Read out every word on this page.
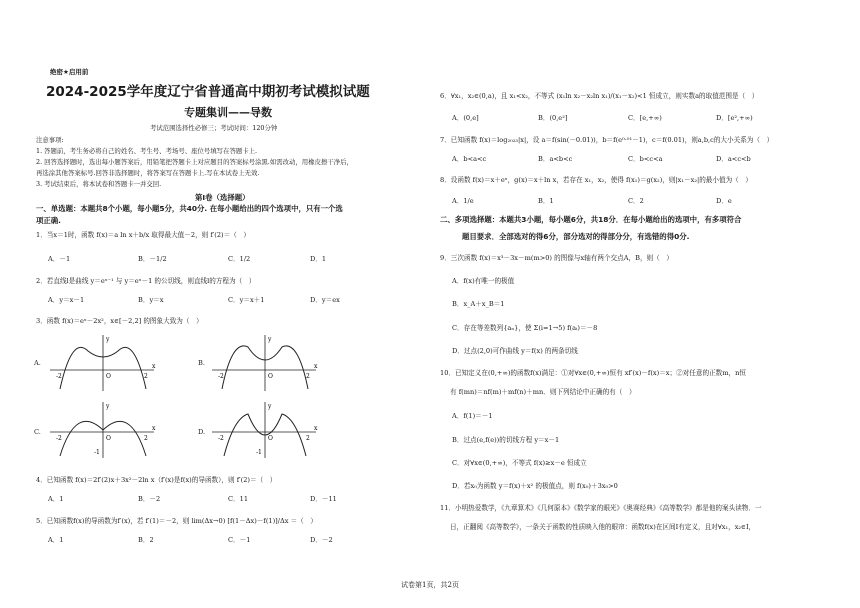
绝密★启用前
2024-2025学年度辽宁省普通高中期初考试模拟试题
专题集训——导数
考试范围选择性必修三；考试时间：120分钟
注意事项:
1. 答题前，考生务必将自己的姓名、考生号、考场号、座位号填写在答题卡上.
2. 回答选择题时，选出每小题答案后，用铅笔把答题卡上对应题目的答案标号涂黑.如需改动，用橡皮擦干净后，
再选涂其他答案标号.回答非选择题时，将答案写在答题卡上.写在本试卷上无效.
3. 考试结束后，将本试卷和答题卡一并交回.
第I卷（选择题）
一、单选题：本题共8个小题，每小题5分，共40分. 在每小题给出的四个选项中，只有一个选
项正确.
1．当x＝1时，函数 f(x)＝a ln x＋b/x 取得最大值－2，则 f′(2)＝（　）
A．－1	B．－1/2	C．1/2	D．1
2．若直线l是曲线 y＝eˣ⁻¹ 与 y＝eˣ－1 的公切线，则直线l的方程为（　）
A．y＝x－1	B．y＝x	C．y＝x＋1	D．y＝ex
3．函数 f(x)＝eˣ－2x²，x∈[－2,2] 的图象大致为（　）
A.
-2	O	2
x
y
B.
-2	O	2
x
y
C.
-2	O	2
x
y
-1
D.
-2	O	2
x
y
-1
4．已知函数 f(x)＝2f′(2)x＋3x²－2ln x（f′(x)是f(x)的导函数），则 f′(2)＝（　）
A．1	B．－2	C．11	D．－11
5．已知函数f(x)的导函数为f′(x)，若 f′(1)＝－2，则 lim(Δx→0) [f(1－Δx)－f(1)]/Δx ＝（　）
A．1	B．2	C．－1	D．－2
6．∀x₁，x₂∈(0,a)，且 x₁<x₂，不等式 (x₁ln x₂－x₂ln x₁)/(x₁－x₂)<1 恒成立，则实数a的取值范围是（　）
A．(0,e]	B．(0,e²]	C．[e,+∞)	D．[e²,+∞)
7．已知函数 f(x)＝log₂₀₂₃|x|，设 a＝f(sin(－0.01))，b＝f(e⁰·⁰¹－1)，c＝f(0.01)，则a,b,c的大小关系为（　）
A．b<a<c	B．a<b<c	C．b<c<a	D．a<c<b
8．设函数 f(x)＝x＋eˣ，g(x)＝x＋ln x，若存在 x₁，x₂，使得 f(x₁)＝g(x₂)，则|x₁－x₂|的最小值为（　）
A．1/e	B．1	C．2	D．e
二、多项选择题：本题共3小题，每小题6分，共18分．在每小题给出的选项中，有多项符合
题目要求．全部选对的得6分，部分选对的得部分分，有选错的得0分.
9．三次函数 f(x)＝x³－3x－m(m>0) 的图像与x轴有两个交点A，B，则（　）
A．f(x)有唯一的极值
B．x_A＋x_B＝1
C．存在等差数列{aₙ}，使 Σ(i=1→5) f(aᵢ)＝－8
D．过点(2,0)可作曲线 y＝f(x) 的两条切线
10．已知定义在(0,+∞)的函数f(x)满足：①对∀x∈(0,+∞)恒有 xf′(x)－f(x)＝x；②对任意的正数m，n恒
有 f(mn)＝nf(m)＋mf(n)＋mn．则下列结论中正确的有（　）
A．f(1)＝－1
B．过点(e,f(e))的切线方程 y＝x－1
C．对∀x∈(0,+∞)，不等式 f(x)≥x－e 恒成立
D．若x₀为函数 y＝f(x)＋x² 的极值点，则 f(x₀)＋3x₀>0
11．小明热爱数学，《九章算术》《几何原本》《数学家的眼光》《奥赛经典》《高等数学》都是他的案头读物．一
日，正翻阅《高等数学》，一条关于函数的性质映入他的眼帘：函数f(x)在区间I有定义，且对∀x₁，x₂∈I，
试卷第1页，共2页
